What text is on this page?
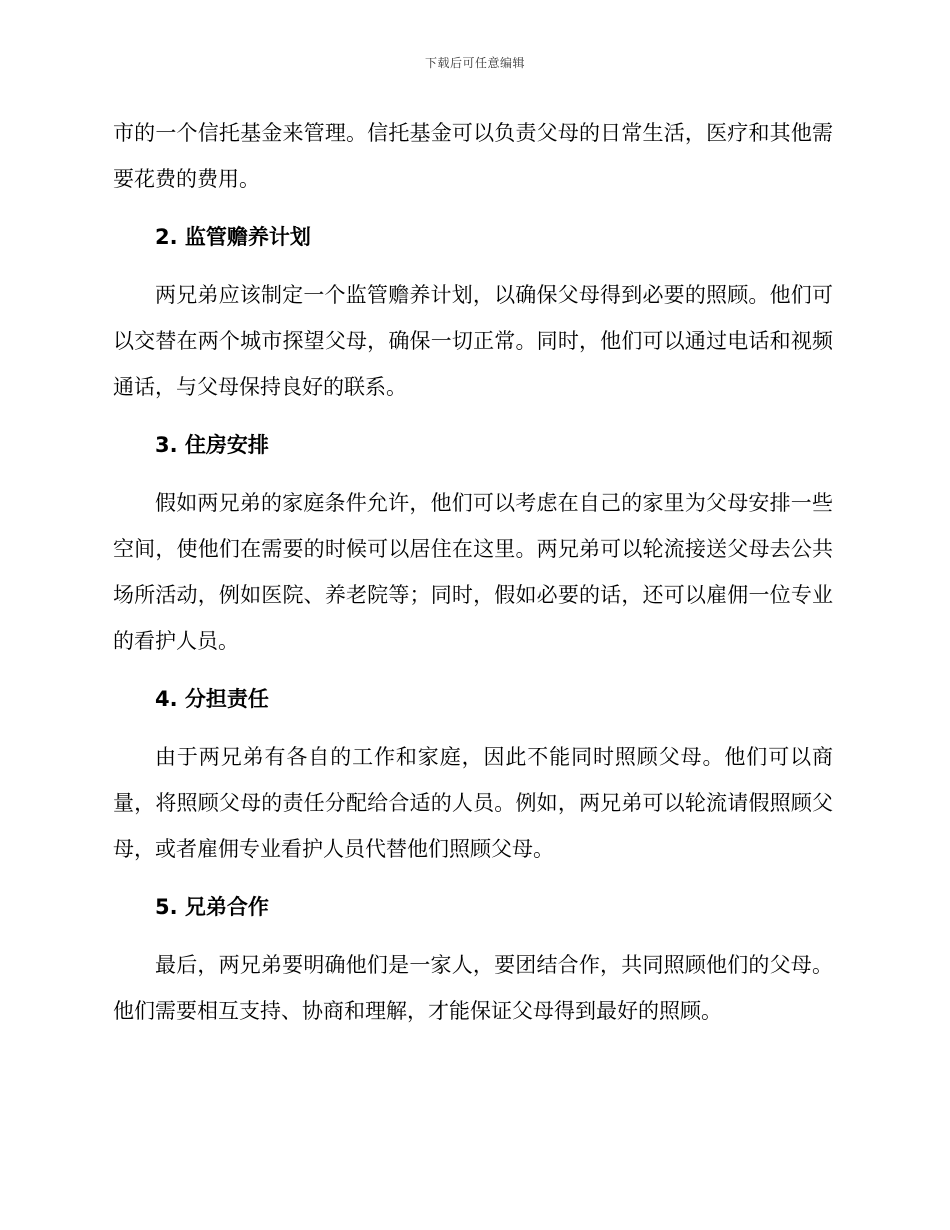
下载后可任意编辑

市的一个信托基金来管理。信托基金可以负责父母的日常生活，医疗和其他需要花费的费用。

2. 监管赡养计划

两兄弟应该制定一个监管赡养计划，以确保父母得到必要的照顾。他们可以交替在两个城市探望父母，确保一切正常。同时，他们可以通过电话和视频通话，与父母保持良好的联系。

3. 住房安排

假如两兄弟的家庭条件允许，他们可以考虑在自己的家里为父母安排一些空间，使他们在需要的时候可以居住在这里。两兄弟可以轮流接送父母去公共场所活动，例如医院、养老院等；同时，假如必要的话，还可以雇佣一位专业的看护人员。

4. 分担责任

由于两兄弟有各自的工作和家庭，因此不能同时照顾父母。他们可以商量，将照顾父母的责任分配给合适的人员。例如，两兄弟可以轮流请假照顾父母，或者雇佣专业看护人员代替他们照顾父母。

5. 兄弟合作

最后，两兄弟要明确他们是一家人，要团结合作，共同照顾他们的父母。他们需要相互支持、协商和理解，才能保证父母得到最好的照顾。
